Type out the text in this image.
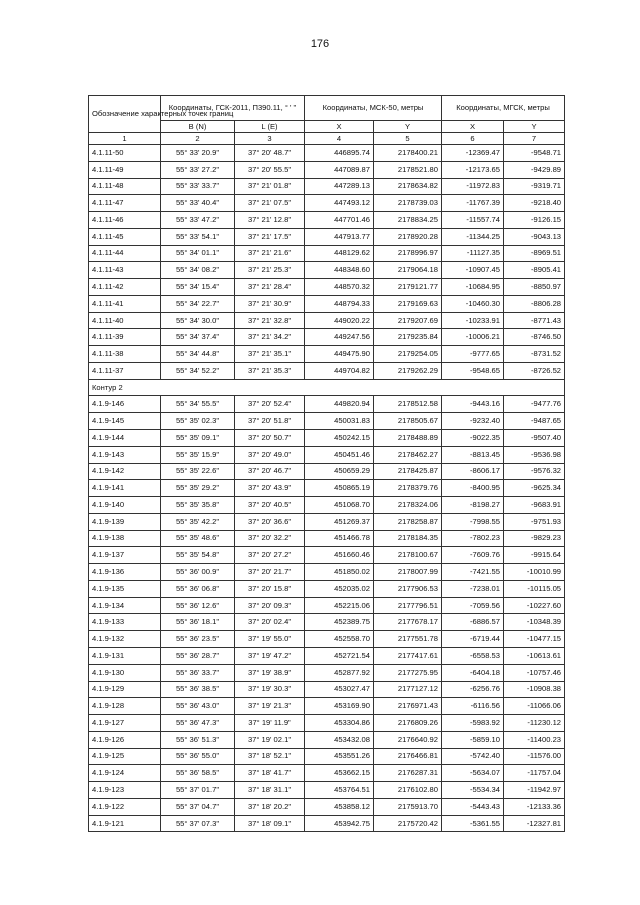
176
Обозначение характерных точек границ	Координаты, ГСК-2011, П390.11, ° ' "		Координаты, МСК-50, метры		Координаты, МГСК, метры	
	B (N)	L (E)	X	Y	X	Y
1	2	3	4	5	6	7
4.1.11-50	55° 33' 20.9"	37° 20' 48.7"	446895.74	2178400.21	-12369.47	-9548.71
4.1.11-49	55° 33' 27.2"	37° 20' 55.5"	447089.87	2178521.80	-12173.65	-9429.89
4.1.11-48	55° 33' 33.7"	37° 21' 01.8"	447289.13	2178634.82	-11972.83	-9319.71
4.1.11-47	55° 33' 40.4"	37° 21' 07.5"	447493.12	2178739.03	-11767.39	-9218.40
4.1.11-46	55° 33' 47.2"	37° 21' 12.8"	447701.46	2178834.25	-11557.74	-9126.15
4.1.11-45	55° 33' 54.1"	37° 21' 17.5"	447913.77	2178920.28	-11344.25	-9043.13
4.1.11-44	55° 34' 01.1"	37° 21' 21.6"	448129.62	2178996.97	-11127.35	-8969.51
4.1.11-43	55° 34' 08.2"	37° 21' 25.3"	448348.60	2179064.18	-10907.45	-8905.41
4.1.11-42	55° 34' 15.4"	37° 21' 28.4"	448570.32	2179121.77	-10684.95	-8850.97
4.1.11-41	55° 34' 22.7"	37° 21' 30.9"	448794.33	2179169.63	-10460.30	-8806.28
4.1.11-40	55° 34' 30.0"	37° 21' 32.8"	449020.22	2179207.69	-10233.91	-8771.43
4.1.11-39	55° 34' 37.4"	37° 21' 34.2"	449247.56	2179235.84	-10006.21	-8746.50
4.1.11-38	55° 34' 44.8"	37° 21' 35.1"	449475.90	2179254.05	-9777.65	-8731.52
4.1.11-37	55° 34' 52.2"	37° 21' 35.3"	449704.82	2179262.29	-9548.65	-8726.52
Контур 2						
4.1.9-146	55° 34' 55.5"	37° 20' 52.4"	449820.94	2178512.58	-9443.16	-9477.76
4.1.9-145	55° 35' 02.3"	37° 20' 51.8"	450031.83	2178505.67	-9232.40	-9487.65
4.1.9-144	55° 35' 09.1"	37° 20' 50.7"	450242.15	2178488.89	-9022.35	-9507.40
4.1.9-143	55° 35' 15.9"	37° 20' 49.0"	450451.46	2178462.27	-8813.45	-9536.98
4.1.9-142	55° 35' 22.6"	37° 20' 46.7"	450659.29	2178425.87	-8606.17	-9576.32
4.1.9-141	55° 35' 29.2"	37° 20' 43.9"	450865.19	2178379.76	-8400.95	-9625.34
4.1.9-140	55° 35' 35.8"	37° 20' 40.5"	451068.70	2178324.06	-8198.27	-9683.91
4.1.9-139	55° 35' 42.2"	37° 20' 36.6"	451269.37	2178258.87	-7998.55	-9751.93
4.1.9-138	55° 35' 48.6"	37° 20' 32.2"	451466.78	2178184.35	-7802.23	-9829.23
4.1.9-137	55° 35' 54.8"	37° 20' 27.2"	451660.46	2178100.67	-7609.76	-9915.64
4.1.9-136	55° 36' 00.9"	37° 20' 21.7"	451850.02	2178007.99	-7421.55	-10010.99
4.1.9-135	55° 36' 06.8"	37° 20' 15.8"	452035.02	2177906.53	-7238.01	-10115.05
4.1.9-134	55° 36' 12.6"	37° 20' 09.3"	452215.06	2177796.51	-7059.56	-10227.60
4.1.9-133	55° 36' 18.1"	37° 20' 02.4"	452389.75	2177678.17	-6886.57	-10348.39
4.1.9-132	55° 36' 23.5"	37° 19' 55.0"	452558.70	2177551.78	-6719.44	-10477.15
4.1.9-131	55° 36' 28.7"	37° 19' 47.2"	452721.54	2177417.61	-6558.53	-10613.61
4.1.9-130	55° 36' 33.7"	37° 19' 38.9"	452877.92	2177275.95	-6404.18	-10757.46
4.1.9-129	55° 36' 38.5"	37° 19' 30.3"	453027.47	2177127.12	-6256.76	-10908.38
4.1.9-128	55° 36' 43.0"	37° 19' 21.3"	453169.90	2176971.43	-6116.56	-11066.06
4.1.9-127	55° 36' 47.3"	37° 19' 11.9"	453304.86	2176809.26	-5983.92	-11230.12
4.1.9-126	55° 36' 51.3"	37° 19' 02.1"	453432.08	2176640.92	-5859.10	-11400.23
4.1.9-125	55° 36' 55.0"	37° 18' 52.1"	453551.26	2176466.81	-5742.40	-11576.00
4.1.9-124	55° 36' 58.5"	37° 18' 41.7"	453662.15	2176287.31	-5634.07	-11757.04
4.1.9-123	55° 37' 01.7"	37° 18' 31.1"	453764.51	2176102.80	-5534.34	-11942.97
4.1.9-122	55° 37' 04.7"	37° 18' 20.2"	453858.12	2175913.70	-5443.43	-12133.36
4.1.9-121	55° 37' 07.3"	37° 18' 09.1"	453942.75	2175720.42	-5361.55	-12327.81
